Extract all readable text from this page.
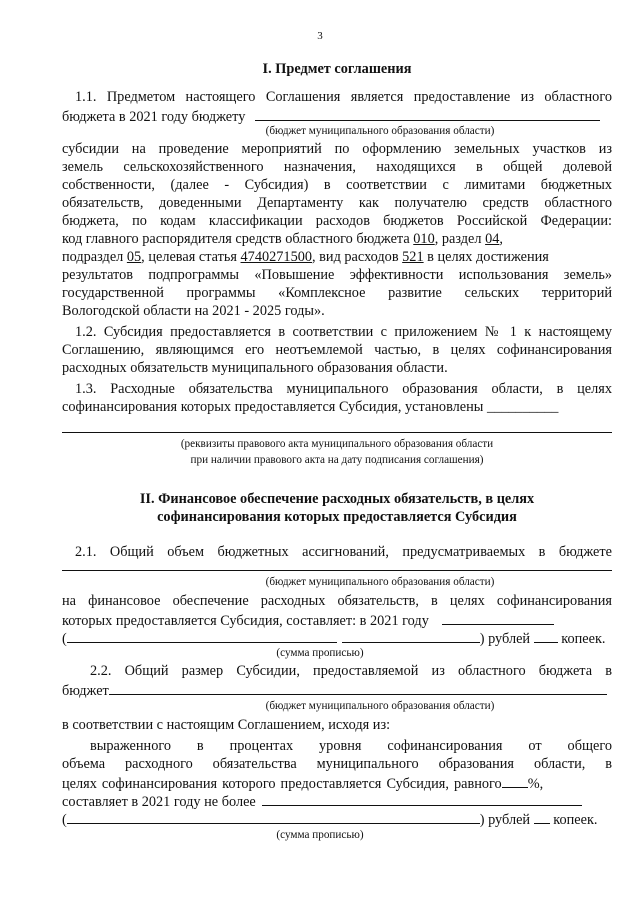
3
I. Предмет соглашения
1.1. Предметом настоящего Соглашения является предоставление из областного
бюджета в 2021 году бюджету
(бюджет муниципального образования области)
субсидии на проведение мероприятий по оформлению земельных участков из
земель сельскохозяйственного назначения, находящихся в общей долевой
собственности, (далее - Субсидия) в соответствии с лимитами бюджетных
обязательств, доведенными Департаменту как получателю средств областного
бюджета, по кодам классификации расходов бюджетов Российской Федерации:
код главного распорядителя средств областного бюджета 010, раздел 04,
подраздел 05, целевая статья 4740271500, вид расходов 521 в целях достижения
результатов подпрограммы «Повышение эффективности использования земель»
государственной программы «Комплексное развитие сельских территорий
Вологодской области на 2021 - 2025 годы».
1.2. Субсидия предоставляется в соответствии с приложением № 1 к настоящему
Соглашению, являющимся его неотъемлемой частью, в целях софинансирования
расходных обязательств муниципального образования области.
1.3. Расходные обязательства муниципального образования области, в целях
софинансирования которых предоставляется Субсидия, установлены __________
(реквизиты правового акта муниципального образования области
при наличии правового акта на дату подписания соглашения)
II. Финансовое обеспечение расходных обязательств, в целях
софинансирования которых предоставляется Субсидия
2.1. Общий объем бюджетных ассигнований, предусматриваемых в бюджете
(бюджет муниципального образования области)
на финансовое обеспечение расходных обязательств, в целях софинансирования
которых предоставляется Субсидия, составляет: в 2021 году
(	) рублей  копеек.
(сумма прописью)
2.2. Общий размер Субсидии, предоставляемой из областного бюджета в
бюджет
(бюджет муниципального образования области)
в соответствии с настоящим Соглашением, исходя из:
выраженного в процентах уровня софинансирования от общего
объема расходного обязательства муниципального образования области, в
целях софинансирования которого предоставляется Субсидия, равного %,
составляет в 2021 году не более
(	) рублей  копеек.
(сумма прописью)
